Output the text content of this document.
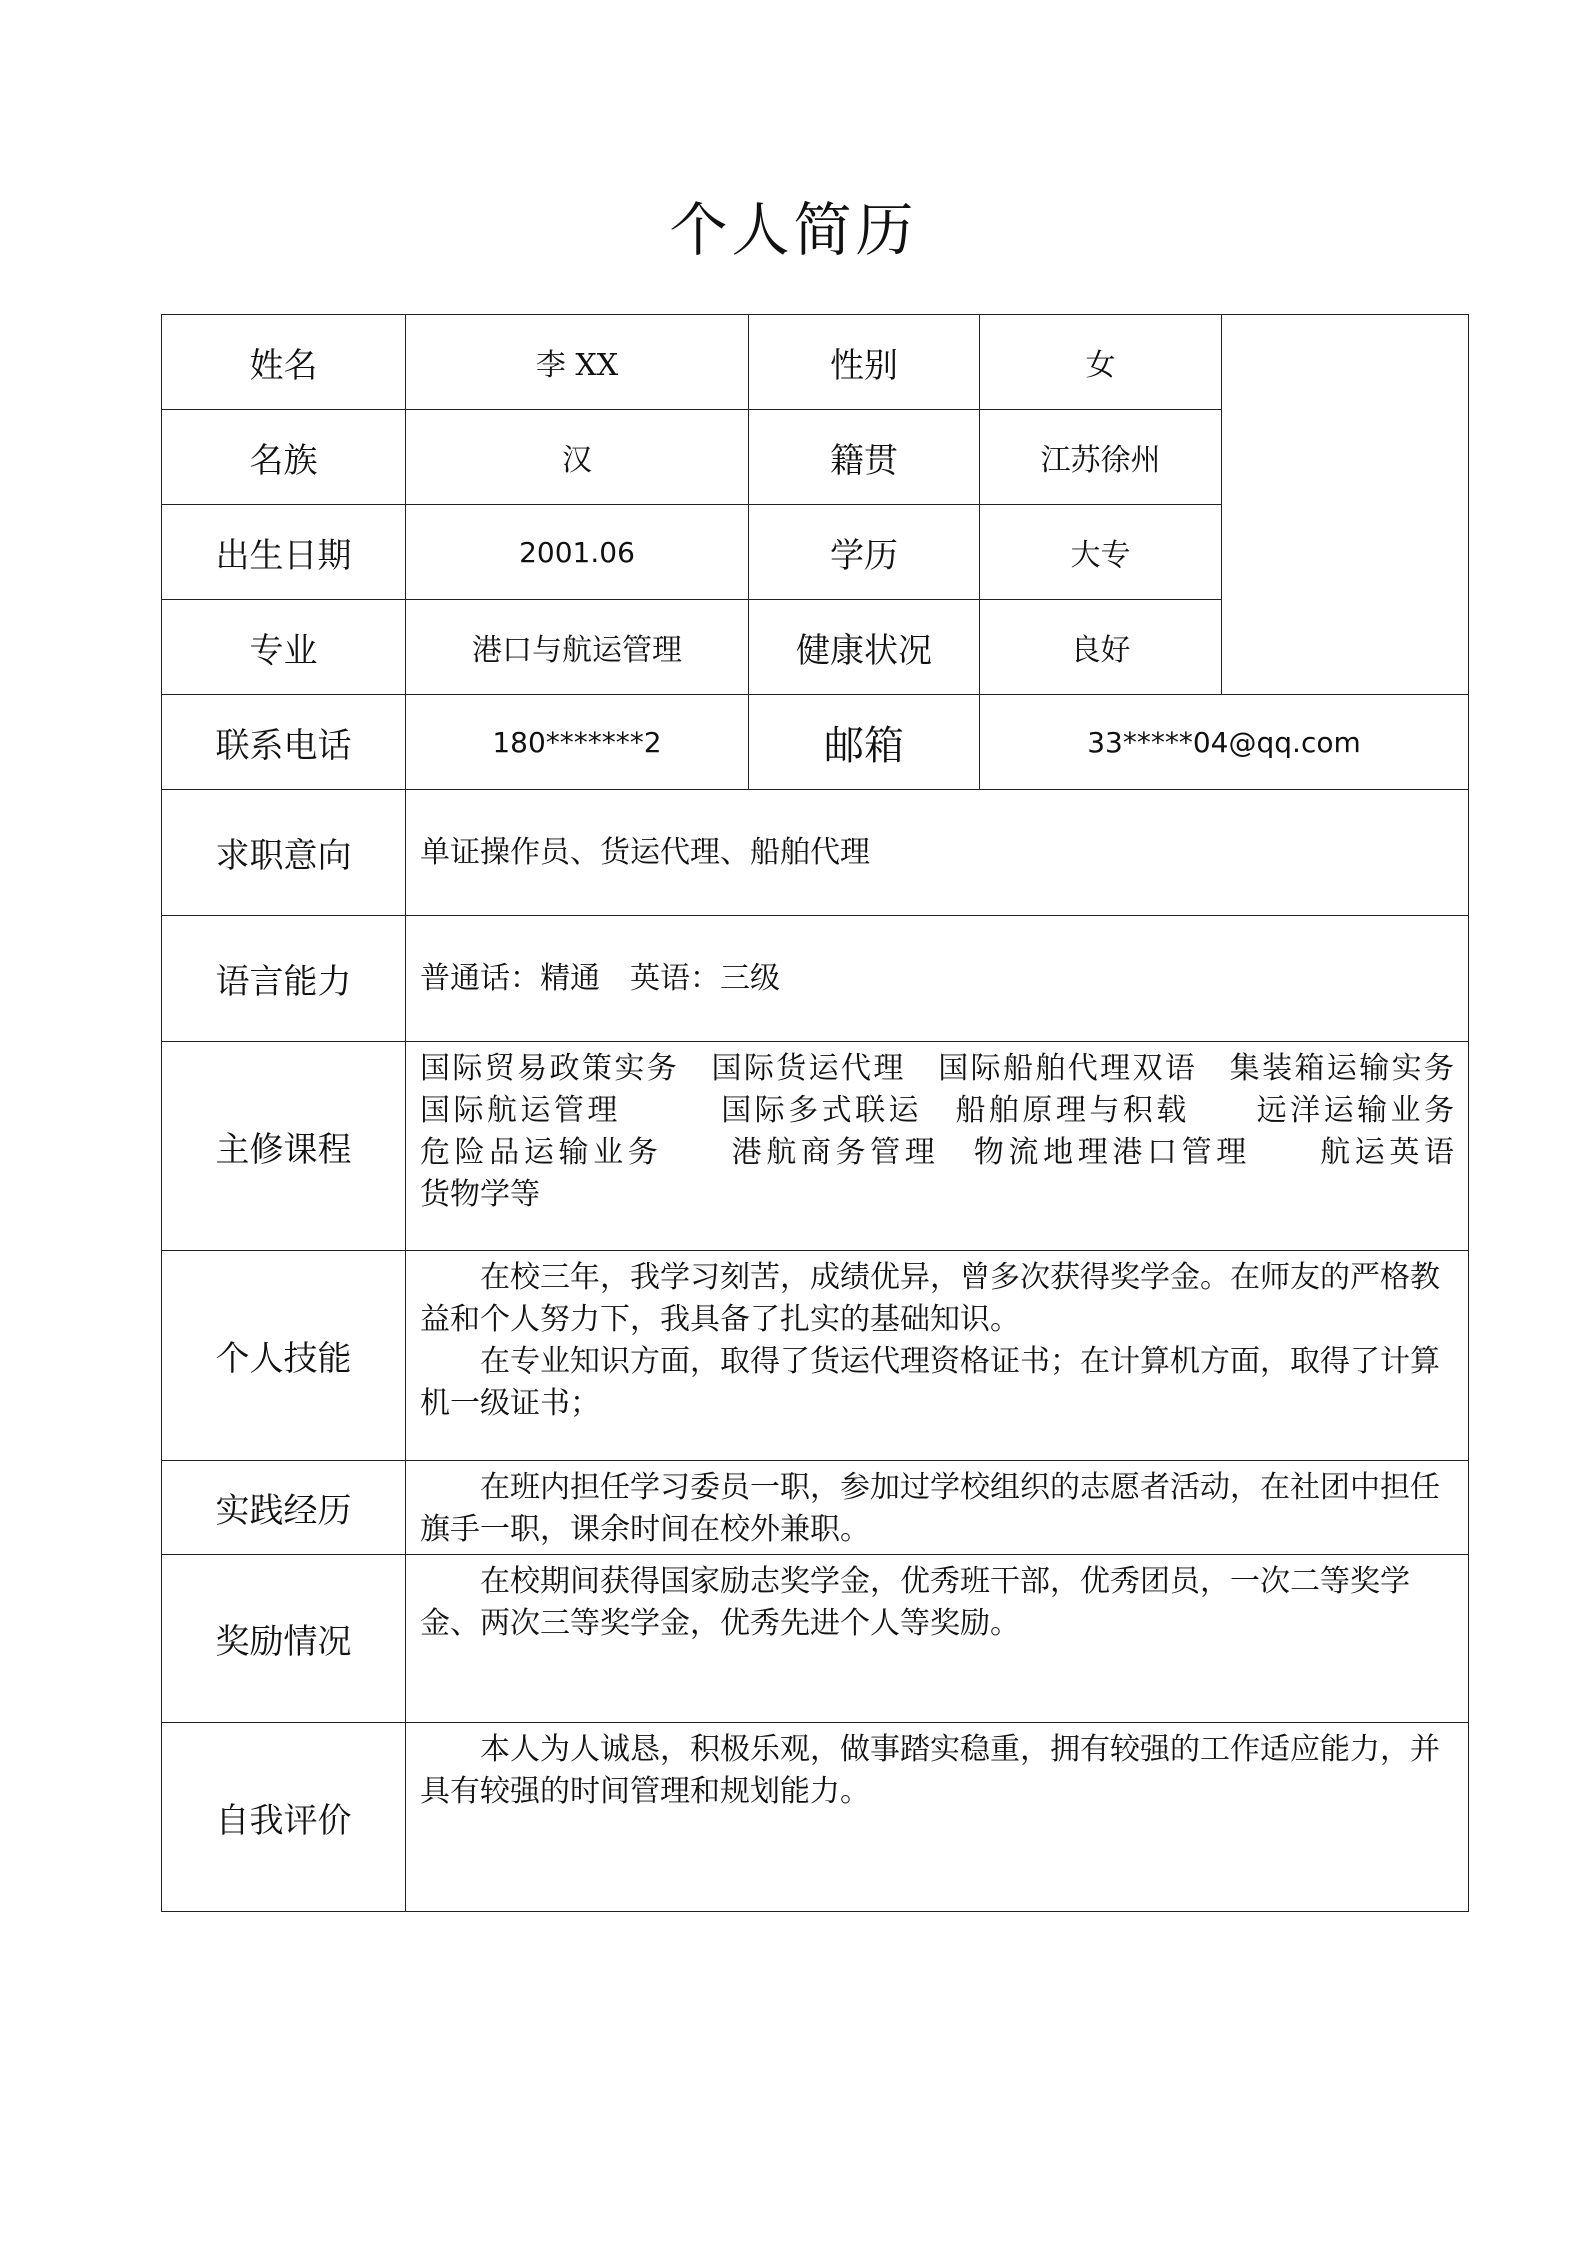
个人简历
姓名	李 XX	性别	女	
名族	汉	籍贯	江苏徐州	
出生日期	2001.06	学历	大专	
专业	港口与航运管理	健康状况	良好	
联系电话	180*******2	邮箱	33*****04@qq.com	
求职意向	单证操作员、货运代理、船舶代理			
语言能力	普通话：精通　英语：三级			
主修课程	国际贸易政策实务　国际货运代理　国际船舶代理双语　集装箱运输实务
国际航运管理　　　国际多式联运　船舶原理与积载　　远洋运输业务
危险品运输业务　　港航商务管理　物流地理港口管理　　航运英语
货物学等			

个人技能	在校三年，我学习刻苦，成绩优异，曾多次获得奖学金。在师友的严格教益和个人努力下，我具备了扎实的基础知识。
在专业知识方面，取得了货运代理资格证书；在计算机方面，取得了计算机一级证书；			

实践经历	在班内担任学习委员一职，参加过学校组织的志愿者活动，在社团中担任旗手一职，课余时间在校外兼职。			

奖励情况	在校期间获得国家励志奖学金，优秀班干部，优秀团员，一次二等奖学金、两次三等奖学金，优秀先进个人等奖励。			

自我评价	本人为人诚恳，积极乐观，做事踏实稳重，拥有较强的工作适应能力，并具有较强的时间管理和规划能力。			
